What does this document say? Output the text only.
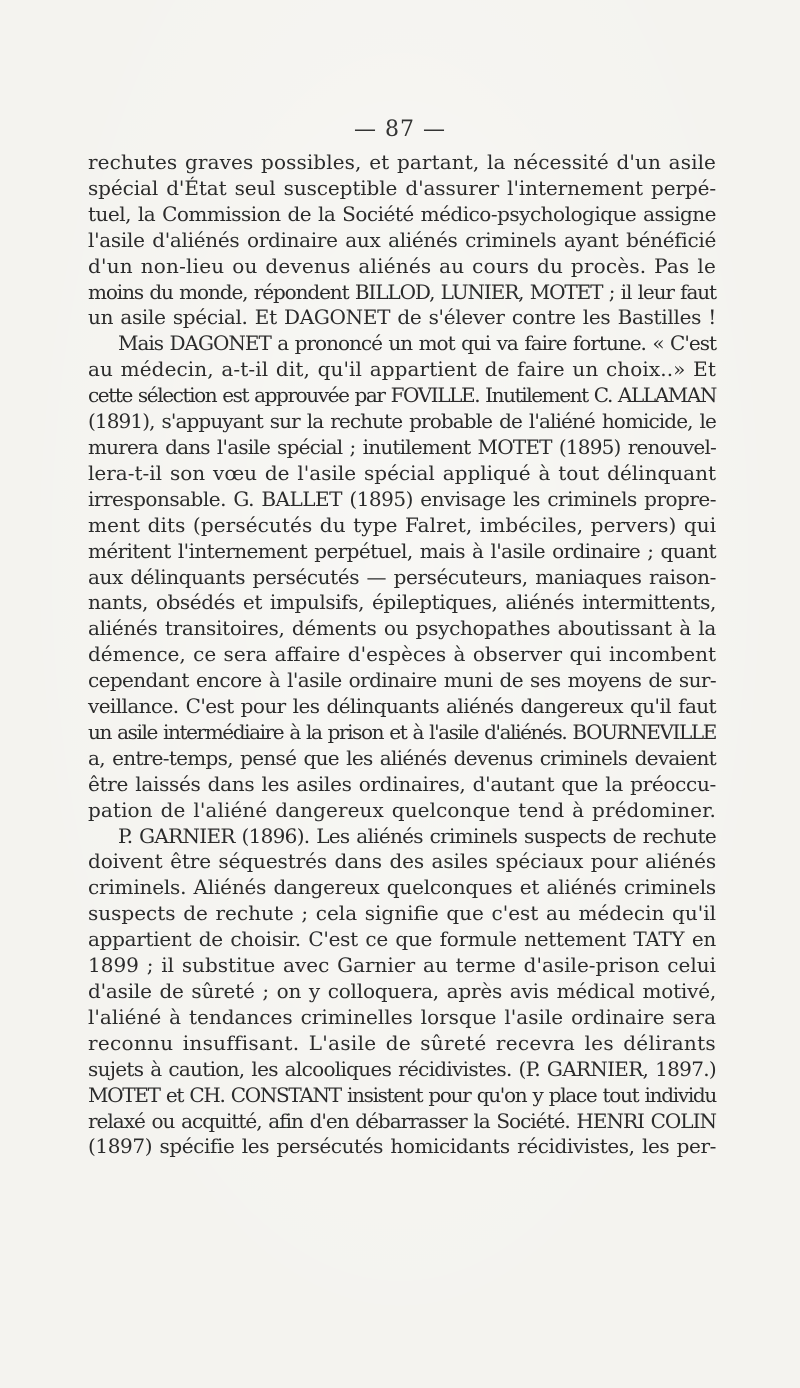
— 87 —
rechutes graves possibles, et partant, la nécessité d'un asile
spécial d'État seul susceptible d'assurer l'internement perpé-
tuel, la Commission de la Société médico-psychologique assigne
l'asile d'aliénés ordinaire aux aliénés criminels ayant bénéficié
d'un non-lieu ou devenus aliénés au cours du procès. Pas le
moins du monde, répondent BILLOD, LUNIER, MOTET ; il leur faut
un asile spécial. Et DAGONET de s'élever contre les Bastilles !
Mais DAGONET a prononcé un mot qui va faire fortune. « C'est
au médecin, a-t-il dit, qu'il appartient de faire un choix..» Et
cette sélection est approuvée par FOVILLE. Inutilement C. ALLAMAN
(1891), s'appuyant sur la rechute probable de l'aliéné homicide, le
murera dans l'asile spécial ; inutilement MOTET (1895) renouvel-
lera-t-il son vœu de l'asile spécial appliqué à tout délinquant
irresponsable. G. BALLET (1895) envisage les criminels propre-
ment dits (persécutés du type Falret, imbéciles, pervers) qui
méritent l'internement perpétuel, mais à l'asile ordinaire ; quant
aux délinquants persécutés — persécuteurs, maniaques raison-
nants, obsédés et impulsifs, épileptiques, aliénés intermittents,
aliénés transitoires, déments ou psychopathes aboutissant à la
démence, ce sera affaire d'espèces à observer qui incombent
cependant encore à l'asile ordinaire muni de ses moyens de sur-
veillance. C'est pour les délinquants aliénés dangereux qu'il faut
un asile intermédiaire à la prison et à l'asile d'aliénés. BOURNEVILLE
a, entre-temps, pensé que les aliénés devenus criminels devaient
être laissés dans les asiles ordinaires, d'autant que la préoccu-
pation de l'aliéné dangereux quelconque tend à prédominer.
P. GARNIER (1896). Les aliénés criminels suspects de rechute
doivent être séquestrés dans des asiles spéciaux pour aliénés
criminels. Aliénés dangereux quelconques et aliénés criminels
suspects de rechute ; cela signifie que c'est au médecin qu'il
appartient de choisir. C'est ce que formule nettement TATY en
1899 ; il substitue avec Garnier au terme d'asile-prison celui
d'asile de sûreté ; on y colloquera, après avis médical motivé,
l'aliéné à tendances criminelles lorsque l'asile ordinaire sera
reconnu insuffisant. L'asile de sûreté recevra les délirants
sujets à caution, les alcooliques récidivistes. (P. GARNIER, 1897.)
MOTET et CH. CONSTANT insistent pour qu'on y place tout individu
relaxé ou acquitté, afin d'en débarrasser la Société. HENRI COLIN
(1897) spécifie les persécutés homicidants récidivistes, les per-
